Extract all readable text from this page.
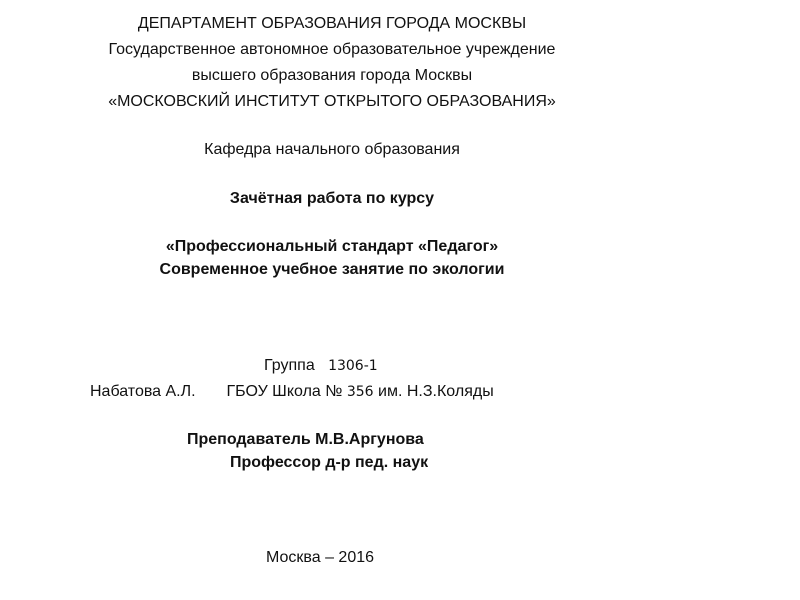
ДЕПАРТАМЕНТ ОБРАЗОВАНИЯ ГОРОДА МОСКВЫ
Государственное автономное образовательное учреждение
высшего образования города Москвы
«МОСКОВСКИЙ ИНСТИТУТ ОТКРЫТОГО ОБРАЗОВАНИЯ»
Кафедра начального образования
Зачётная работа по курсу
«Профессиональный стандарт «Педагог»
Современное учебное занятие по экологии
Группа 1306-1
Набатова А.Л. ГБОУ Школа № 356 им. Н.З.Коляды
Преподаватель М.В.Аргунова
Профессор д-р пед. наук
Москва – 2016
